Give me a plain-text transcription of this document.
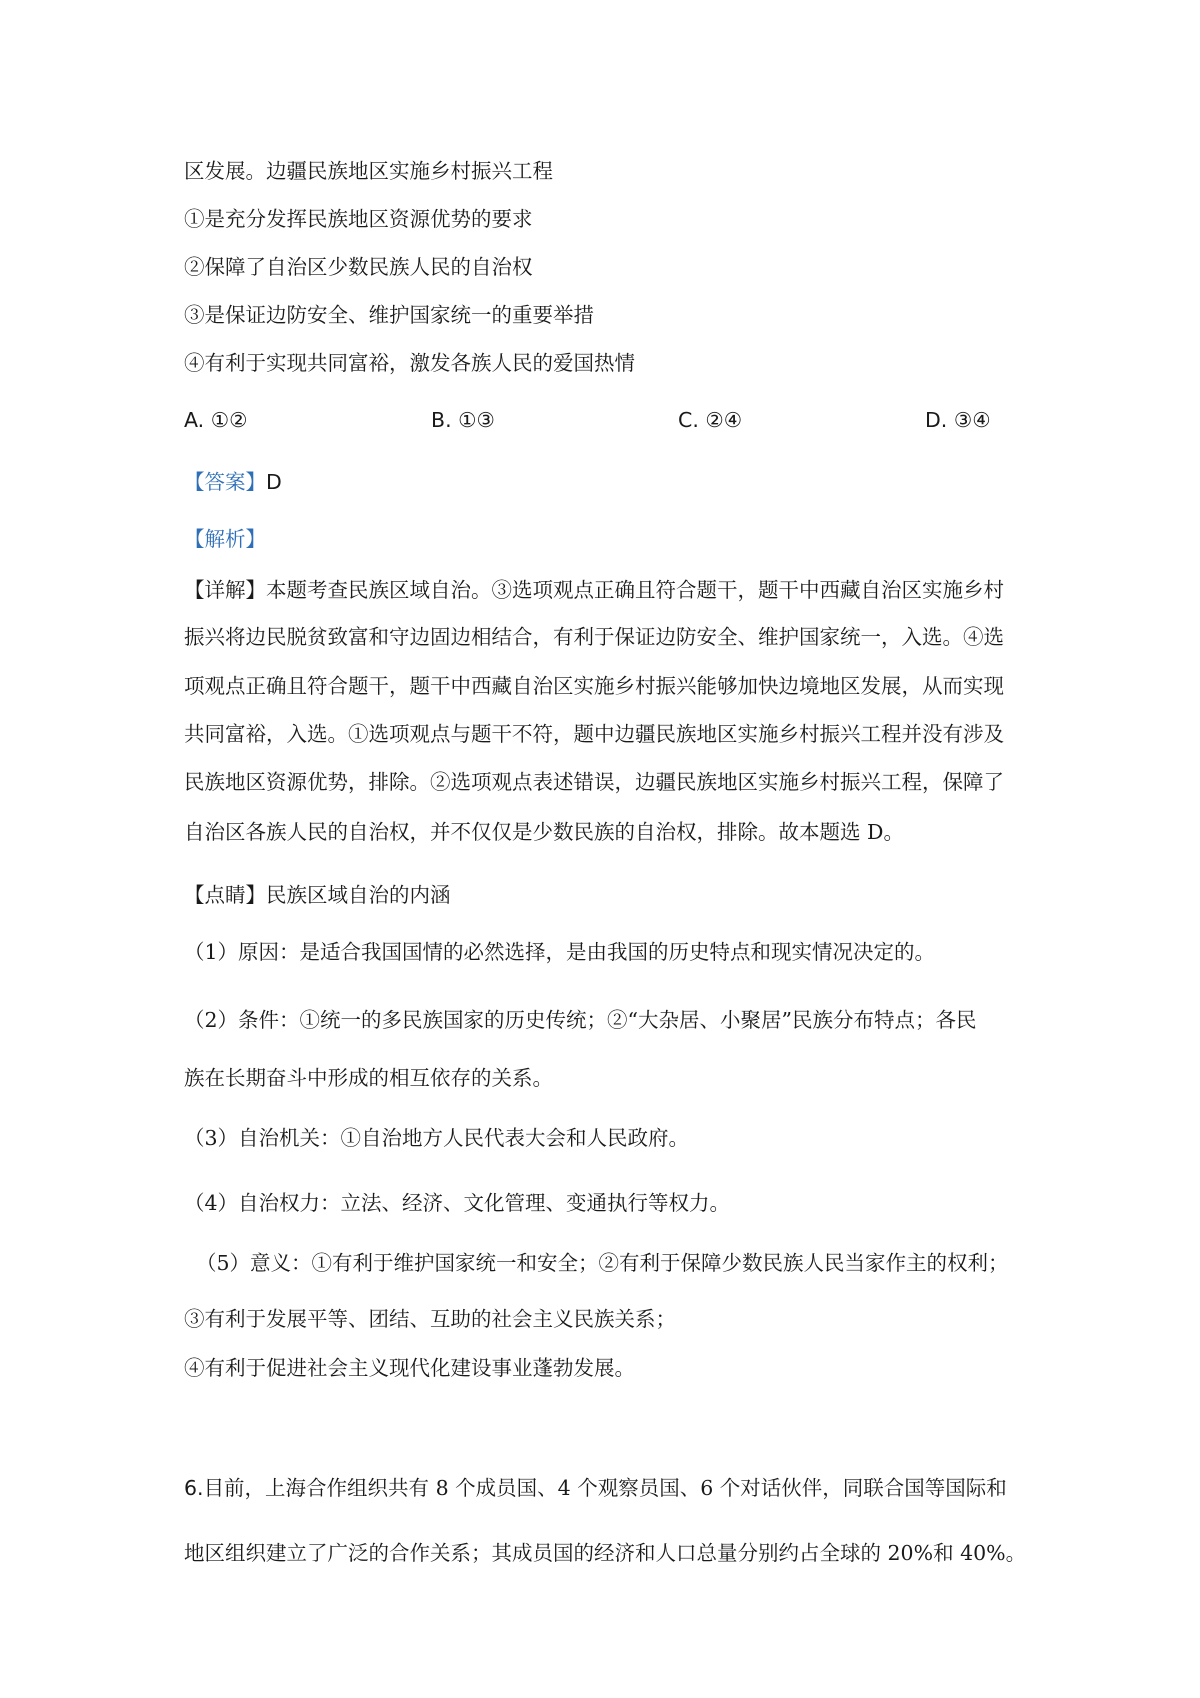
区发展。边疆民族地区实施乡村振兴工程
①是充分发挥民族地区资源优势的要求
②保障了自治区少数民族人民的自治权
③是保证边防安全、维护国家统一的重要举措
④有利于实现共同富裕，激发各族人民的爱国热情
A. ①②	B. ①③	C. ②④	D. ③④
【答案】D
【解析】
【详解】本题考查民族区域自治。③选项观点正确且符合题干，题干中西藏自治区实施乡村
振兴将边民脱贫致富和守边固边相结合，有利于保证边防安全、维护国家统一，入选。④选
项观点正确且符合题干，题干中西藏自治区实施乡村振兴能够加快边境地区发展，从而实现
共同富裕，入选。①选项观点与题干不符，题中边疆民族地区实施乡村振兴工程并没有涉及
民族地区资源优势，排除。②选项观点表述错误，边疆民族地区实施乡村振兴工程，保障了
自治区各族人民的自治权，并不仅仅是少数民族的自治权，排除。故本题选 D。
【点睛】民族区域自治的内涵
（1）原因：是适合我国国情的必然选择，是由我国的历史特点和现实情况决定的。
（2）条件：①统一的多民族国家的历史传统；②“大杂居、小聚居”民族分布特点；各民
族在长期奋斗中形成的相互依存的关系。
（3）自治机关：①自治地方人民代表大会和人民政府。
（4）自治权力：立法、经济、文化管理、变通执行等权力。
（5）意义：①有利于维护国家统一和安全；②有利于保障少数民族人民当家作主的权利；
③有利于发展平等、团结、互助的社会主义民族关系；
④有利于促进社会主义现代化建设事业蓬勃发展。
6.目前，上海合作组织共有 8 个成员国、4 个观察员国、6 个对话伙伴，同联合国等国际和
地区组织建立了广泛的合作关系；其成员国的经济和人口总量分别约占全球的 20%和 40%。
